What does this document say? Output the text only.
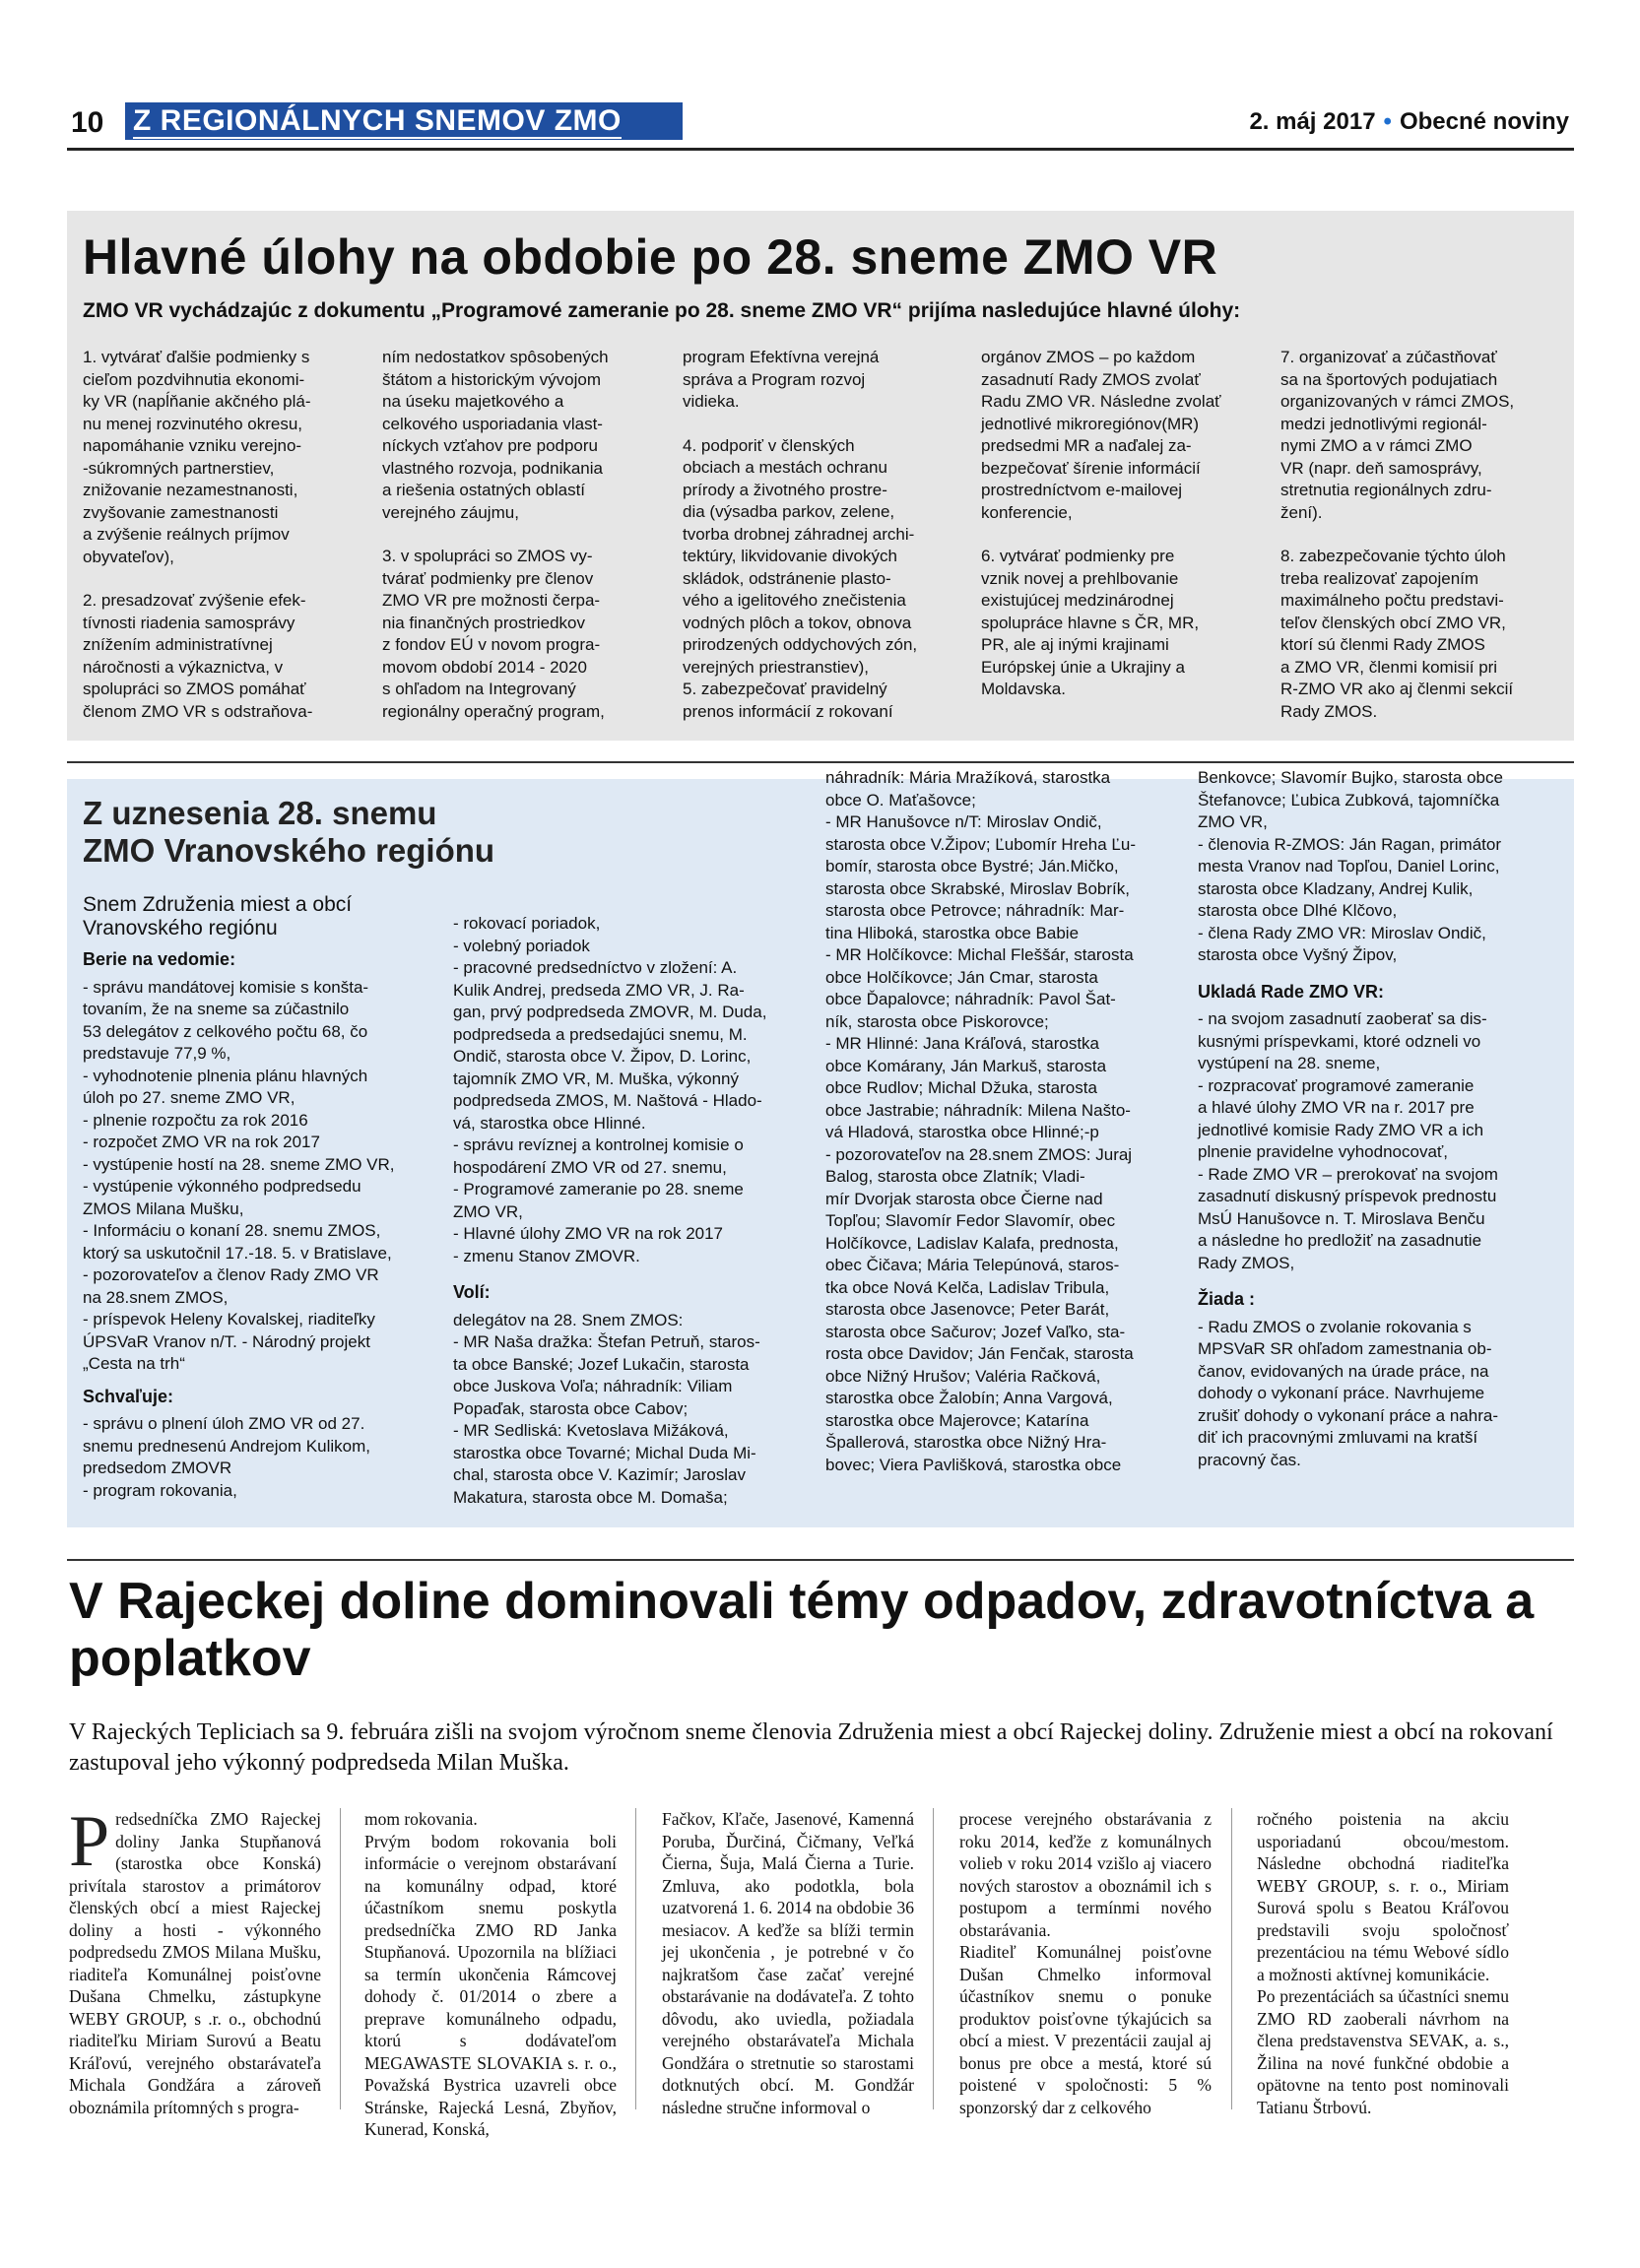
10 Z REGIONÁLNYCH SNEMOV ZMO	2. máj 2017 • Obecné noviny
Hlavné úlohy na obdobie po 28. sneme ZMO VR
ZMO VR vychádzajúc z dokumentu „Programové zameranie po 28. sneme ZMO VR“ prijíma nasledujúce hlavné úlohy:

1. vytvárať ďalšie podmienky s
cieľom pozdvihnutia ekonomi-
ky VR (napĺňanie akčného plá-
nu menej rozvinutého okresu,
napomáhanie vzniku verejno-
-súkromných partnerstiev,
znižovanie nezamestnanosti,
zvyšovanie zamestnanosti
a zvýšenie reálnych príjmov
obyvateľov),

2. presadzovať zvýšenie efek-
tívnosti riadenia samosprávy
znížením administratívnej
náročnosti a výkaznictva, v
spolupráci so ZMOS pomáhať
členom ZMO VR s odstraňova-

ním nedostatkov spôsobených
štátom a historickým vývojom
na úseku majetkového a
celkového usporiadania vlast-
níckych vzťahov pre podporu
vlastného rozvoja, podnikania
a riešenia ostatných oblastí
verejného záujmu,

3. v spolupráci so ZMOS vy-
tvárať podmienky pre členov
ZMO VR pre možnosti čerpa-
nia finančných prostriedkov
z fondov EÚ v novom progra-
movom období 2014 - 2020
s ohľadom na Integrovaný
regionálny operačný program,

program Efektívna verejná
správа a Program rozvoj
vidieka.

4. podporiť v členských
obciach a mestách ochranu
prírody a životného prostre-
dia (výsadba parkov, zelene,
tvorba drobnej záhradnej archi-
tektúry, likvidovanie divokých
skládok, odstránenie plasto-
vého a igelitového znečistenia
vodných plôch a tokov, obnova
prirodzených oddychových zón,
verejných priestranstiev),
5. zabezpečovať pravidelný
prenos informácií z rokovaní

orgánov ZMOS – po každom
zasadnutí Rady ZMOS zvolať
Radu ZMO VR. Následne zvolať
jednotlivé mikroregiónov(MR)
predsedmi MR a naďalej za-
bezpečovať šírenie informácií
prostredníctvom e-mailovej
konferencie,

6. vytvárať podmienky pre
vznik novej a prehlbovanie
existujúcej medzinárodnej
spolupráce hlavne s ČR, MR,
PR, ale aj inými krajinami
Európskej únie a Ukrajiny a
Moldavska.

7. organizovať a zúčastňovať
sa na športových podujatiach
organizovaných v rámci ZMOS,
medzi jednotlivými regionál-
nymi ZMO a v rámci ZMO
VR (napr. deň samosprávy,
stretnutia regionálnych zdru-
žení).

8. zabezpečovanie týchto úloh
treba realizovať zapojením
maximálneho počtu predstavi-
teľov členských obcí ZMO VR,
ktorí sú členmi Rady ZMOS
a ZMO VR, členmi komisií pri
R-ZMO VR ako aj členmi sekcií
Rady ZMOS.

Z uznesenia 28. snemu ZMO Vranovského regiónu
Snem Združenia miest a obcí Vranovského regiónu
Berie na vedomie:

- správu mandátovej komisie s konšta-
tovaním, že na sneme sa zúčastnilo
53 delegátov z celkového počtu 68, čo
predstavuje 77,9 %,
- vyhodnotenie plnenia plánu hlavných
úloh po 27. sneme ZMO VR,
- plnenie rozpočtu za rok 2016
- rozpočet ZMO VR na rok 2017
- vystúpenie hostí na 28. sneme ZMO VR,
- vystúpenie výkonného podpredsedu
ZMOS Milana Mušku,
- Informáciu o konaní 28. snemu ZMOS,
ktorý sa uskutočnil 17.-18. 5. v Bratislave,
- pozorovateľov a členov Rady ZMO VR
na 28.snem ZMOS,
- príspevok Heleny Kovalskej, riaditeľky
ÚPSVaR Vranov n/T. - Národný projekt
„Cesta na trh“

Schvaľuje:

- správu o plnení úloh ZMO VR od 27.
snemu prednesenú Andrejom Kulikom,
predsedom ZMOVR
- program rokovania,

- rokovací poriadok,
- volebný poriadok
- pracovné predsedníctvo v zložení: A.
Kulik Andrej, predseda ZMO VR, J. Ra-
gan, prvý podpredseda ZMOVR, M. Duda,
podpredseda a predsedajúci snemu, M.
Ondič, starosta obce V. Žipov, D. Lorinc,
tajomník ZMO VR, M. Muška, výkonný
podpredseda ZMOS, M. Naštová - Hlado-
vá, starostka obce Hlinné.
- správu revíznej a kontrolnej komisie o
hospodárení ZMO VR od 27. snemu,
- Programové zameranie po 28. sneme
ZMO VR,
- Hlavné úlohy ZMO VR na rok 2017
- zmenu Stanov ZMOVR.

Volí:

delegátov na 28. Snem ZMOS:
- MR Naša dražka: Štefan Petruň, staros-
ta obce Banské; Jozef Lukačin, starosta
obce Juskova Voľa; náhradník: Viliam
Popaďak, starosta obce Cabov;
- MR Sedliská: Kvetoslava Mižáková,
starostka obce Tovarné; Michal Duda Mi-
chal, starosta obce V. Kazimír; Jaroslav
Makatura, starosta obce M. Domaša;

náhradník: Mária Mražíková, starostka
obce O. Maťašovce;
- MR Hanušovce n/T: Miroslav Ondič,
starosta obce V.Žipov; Ľubomír Hreha Ľu-
bomír, starosta obce Bystré; Ján.Mičko,
starosta obce Skrabské, Miroslav Bobrík,
starosta obce Petrovce; náhradník: Mar-
tina Hliboká, starostka obce Babie
- MR Holčíkovce: Michal Fleššár, starosta
obce Holčíkovce; Ján Cmar, starosta
obce Ďapalovce; náhradník: Pavol Šat-
ník, starosta obce Piskorovce;
- MR Hlinné: Jana Kráľová, starostka
obce Komárany, Ján Markuš, starosta
obce Rudlov; Michal Džuka, starosta
obce Jastrabie; náhradník: Milena Našto-
vá Hladová, starostka obce Hlinné;-p
- pozorovateľov na 28.snem ZMOS: Juraj
Balog, starosta obce Zlatník; Vladi-
mír Dvorjak starosta obce Čierne nad
Topľou; Slavomír Fedor Slavomír, obec
Holčíkovce, Ladislav Kalafa, prednosta,
obec Čičava; Mária Telepúnová, staros-
tka obce Nová Kelča, Ladislav Tribula,
starosta obce Jasenovce; Peter Barát,
starosta obce Sačurov; Jozef Vaľko, sta-
rosta obce Davidov; Ján Fenčak, starosta
obce Nižný Hrušov; Valéria Račková,
starostka obce Žalobín; Anna Vargová,
starostka obce Majerovce; Katarína
Špallerová, starostka obce Nižný Hra-
bovec; Viera Pavlišková, starostka obce

Benkovce; Slavomír Bujko, starosta obce
Štefanovce; Ľubica Zubková, tajomníčka
ZMO VR,
- členovia R-ZMOS: Ján Ragan, primátor
mesta Vranov nad Topľou, Daniel Lorinc,
starosta obce Kladzany, Andrej Kulik,
starosta obce Dlhé Klčovo,
- člena Rady ZMO VR: Miroslav Ondič,
starosta obce Vyšný Žipov,

Ukladá Rade ZMO VR:

- na svojom zasadnutí zaoberať sa dis-
kusnými príspevkami, ktoré odzneli vo
vystúpení na 28. sneme,
- rozpracovať programové zameranie
a hlavé úlohy ZMO VR na r. 2017 pre
jednotlivé komisie Rady ZMO VR a ich
plnenie pravidelne vyhodnocovať,
- Rade ZMO VR – prerokovať na svojom
zasadnutí diskusný príspevok prednostu
MsÚ Hanušovce n. T. Miroslava Benču
a následne ho predložiť na zasadnutie
Rady ZMOS,

Žiada :

- Radu ZMOS o zvolanie rokovania s
MPSVaR SR ohľadom zamestnania ob-
čanov, evidovaných na úrade práce, na
dohody o vykonaní práce. Navrhujeme
zrušiť dohody o vykonaní práce a nahra-
diť ich pracovnými zmluvami na kratší
pracovný čas.

V Rajeckej doline dominovali témy odpadov, zdravotníctva a poplatkov
V Rajeckých Tepliciach sa 9. februára zišli na svojom výročnom sneme členovia Združenia miest a obcí Rajeckej doliny. Združenie miest a obcí na rokovaní zastupoval jeho výkonný podpredseda Milan Muška.
P redsedníčka ZMO Rajeckej doliny Janka Stupňanová (starostka obce Konská) privítala starostov a primátorov členských obcí a miest Rajeckej doliny a hosti - výkonného podpredsedu ZMOS Milana Mušku, riaditeľa Komunálnej poisťovne Dušana Chmelku, zástupkyne WEBY GROUP, s .r. o., obchodnú riaditeľku Miriam Surovú a Beatu Kráľovú, verejného obstarávateľa Michala Gondžára a zároveň oboznámila prítomných s progra-

mom rokovania.
Prvým bodom rokovania boli informácie o verejnom obstarávaní na komunálny odpad, ktoré účastníkom snemu poskytla predsedníčka ZMO RD Janka Stupňanová. Upozornila na blížiaci sa termín ukončenia Rámcovej dohody č. 01/2014 o zbere a preprave komunálneho odpadu, ktorú s dodávateľom MEGAWASTE SLOVAKIA s. r. o., Považská Bystrica uzavreli obce Stránske, Rajecká Lesná, Zbyňov, Kunerad, Konská,

Fačkov, Kľače, Jasenové, Kamenná Poruba, Ďurčiná, Čičmany, Veľká Čierna, Šuja, Malá Čierna a Turie. Zmluva, ako podotkla, bola uzatvorená 1. 6. 2014 na obdobie 36 mesiacov. A keďže sa blíži termin jej ukončenia , je potrebné v čo najkratšom čase začať verejné obstarávanie na dodávateľa. Z tohto dôvodu, ako uviedla, požiadala verejného obstarávateľa Michala Gondžára o stretnutie so starostami dotknutých obcí. M. Gondžár následne stručne informoval o

procese verejného obstarávania z roku 2014, keďže z komunálnych volieb v roku 2014 vzišlo aj viacero nových starostov a oboznámil ich s postupom a termínmi nového obstarávania.
Riaditeľ Komunálnej poisťovne Dušan Chmelko informoval účastníkov snemu o ponuke produktov poisťovne týkajúcich sa obcí a miest. V prezentácii zaujal aj bonus pre obce a mestá, ktoré sú poistené v spoločnosti: 5 % sponzorský dar z celkového

ročného poistenia na akciu usporiadanú obcou/mestom. Následne obchodná riaditeľka WEBY GROUP, s. r. o., Miriam Surová spolu s Beatou Kráľovou predstavili svoju spoločnosť prezentáciou na tému Webové sídlo a možnosti aktívnej komunikácie.
Po prezentáciách sa účastníci snemu ZMO RD zaoberali návrhom na člena predstavenstva SEVAK, a. s., Žilina na nové funkčné obdobie a opätovne na tento post nominovali Tatianu Štrbovú.
